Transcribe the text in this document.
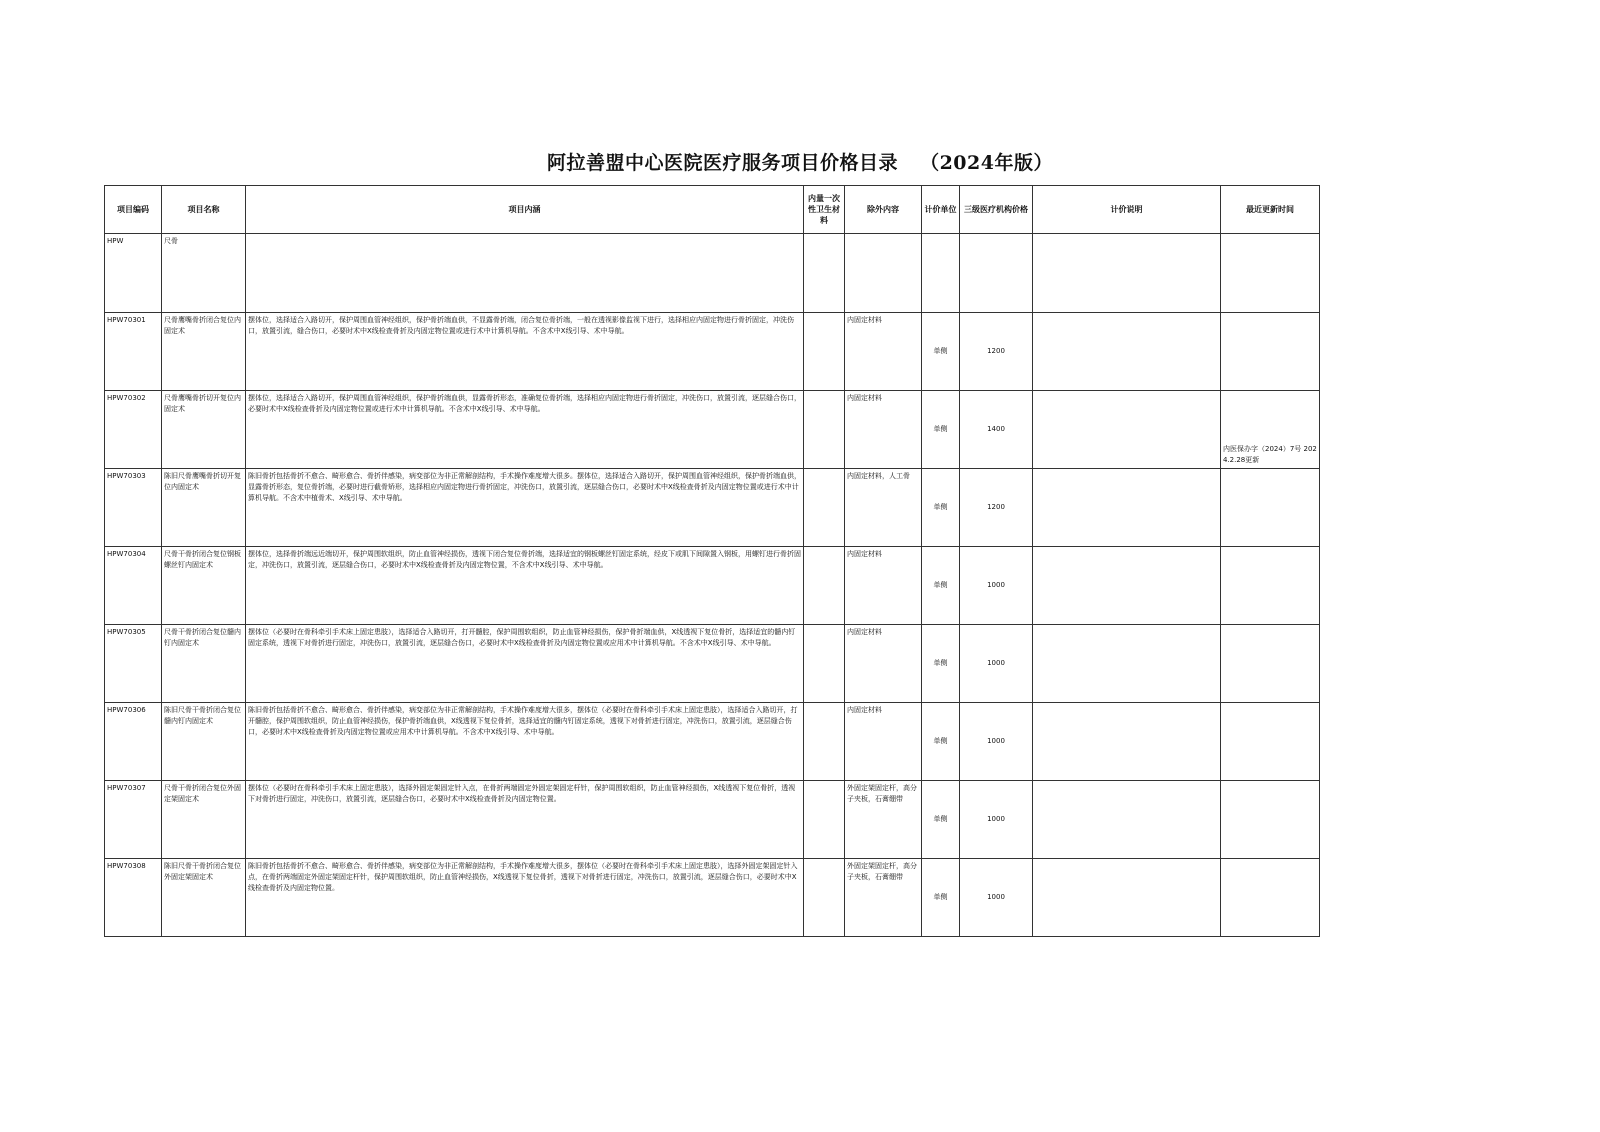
阿拉善盟中心医院医疗服务项目价格目录 （2024年版）
项目编码	项目名称	项目内涵	内量一次性卫生材料	除外内容	计价单位	三级医疗机构价格	计价说明	最近更新时间
HPW	尺骨							
HPW70301	尺骨鹰嘴骨折闭合复位内固定术	摆体位，选择适合入路切开，保护周围血管神经组织，保护骨折端血供，不显露骨折端，闭合复位骨折端，一般在透视影像监视下进行，选择相应内固定物进行骨折固定，冲洗伤口，放置引流，缝合伤口，必要时术中X线检查骨折及内固定物位置或进行术中计算机导航。不含术中X线引导、术中导航。		内固定材料	单侧	1200		
HPW70302	尺骨鹰嘴骨折切开复位内固定术	摆体位，选择适合入路切开，保护周围血管神经组织，保护骨折端血供，显露骨折形态，准确复位骨折端，选择相应内固定物进行骨折固定，冲洗伤口，放置引流，逐层缝合伤口，必要时术中X线检查骨折及内固定物位置或进行术中计算机导航。不含术中X线引导、术中导航。		内固定材料	单侧	1400		内医保办字（2024）7号 2024.2.28更新
HPW70303	陈旧尺骨鹰嘴骨折切开复位内固定术	陈旧骨折包括骨折不愈合、畸形愈合、骨折伴感染，病变部位为非正常解剖结构，手术操作难度增大很多。摆体位，选择适合入路切开，保护周围血管神经组织，保护骨折端血供，显露骨折形态，复位骨折端，必要时进行截骨矫形，选择相应内固定物进行骨折固定，冲洗伤口，放置引流，逐层缝合伤口，必要时术中X线检查骨折及内固定物位置或进行术中计算机导航。不含术中植骨术、X线引导、术中导航。		内固定材料，人工骨	单侧	1200		
HPW70304	尺骨干骨折闭合复位钢板螺丝钉内固定术	摆体位，选择骨折端远近端切开，保护周围软组织，防止血管神经损伤，透视下闭合复位骨折端，选择适宜的钢板螺丝钉固定系统，经皮下或肌下间隙置入钢板，用螺钉进行骨折固定，冲洗伤口，放置引流，逐层缝合伤口，必要时术中X线检查骨折及内固定物位置，不含术中X线引导、术中导航。		内固定材料	单侧	1000		
HPW70305	尺骨干骨折闭合复位髓内钉内固定术	摆体位（必要时在骨科牵引手术床上固定患肢），选择适合入路切开，打开髓腔，保护周围软组织，防止血管神经损伤，保护骨折端血供，X线透视下复位骨折，选择适宜的髓内钉固定系统，透视下对骨折进行固定，冲洗伤口，放置引流，逐层缝合伤口，必要时术中X线检查骨折及内固定物位置或应用术中计算机导航。不含术中X线引导、术中导航。		内固定材料	单侧	1000		
HPW70306	陈旧尺骨干骨折闭合复位髓内钉内固定术	陈旧骨折包括骨折不愈合、畸形愈合、骨折伴感染，病变部位为非正常解剖结构，手术操作难度增大很多，摆体位（必要时在骨科牵引手术床上固定患肢），选择适合入路切开，打开髓腔，保护周围软组织，防止血管神经损伤，保护骨折端血供，X线透视下复位骨折，选择适宜的髓内钉固定系统，透视下对骨折进行固定，冲洗伤口，放置引流，逐层缝合伤口，必要时术中X线检查骨折及内固定物位置或应用术中计算机导航。不含术中X线引导、术中导航。		内固定材料	单侧	1000		
HPW70307	尺骨干骨折闭合复位外固定架固定术	摆体位（必要时在骨科牵引手术床上固定患肢），选择外固定架固定针入点，在骨折两端固定外固定架固定杆针，保护周围软组织，防止血管神经损伤，X线透视下复位骨折，透视下对骨折进行固定，冲洗伤口，放置引流，逐层缝合伤口，必要时术中X线检查骨折及内固定物位置。		外固定架固定杆，高分子夹板，石膏绷带	单侧	1000		
HPW70308	陈旧尺骨干骨折闭合复位外固定架固定术	陈旧骨折包括骨折不愈合、畸形愈合、骨折伴感染，病变部位为非正常解剖结构，手术操作难度增大很多，摆体位（必要时在骨科牵引手术床上固定患肢），选择外固定架固定针入点，在骨折两端固定外固定架固定杆针，保护周围软组织，防止血管神经损伤，X线透视下复位骨折，透视下对骨折进行固定，冲洗伤口，放置引流，逐层缝合伤口，必要时术中X线检查骨折及内固定物位置。		外固定架固定杆，高分子夹板，石膏绷带	单侧	1000		
